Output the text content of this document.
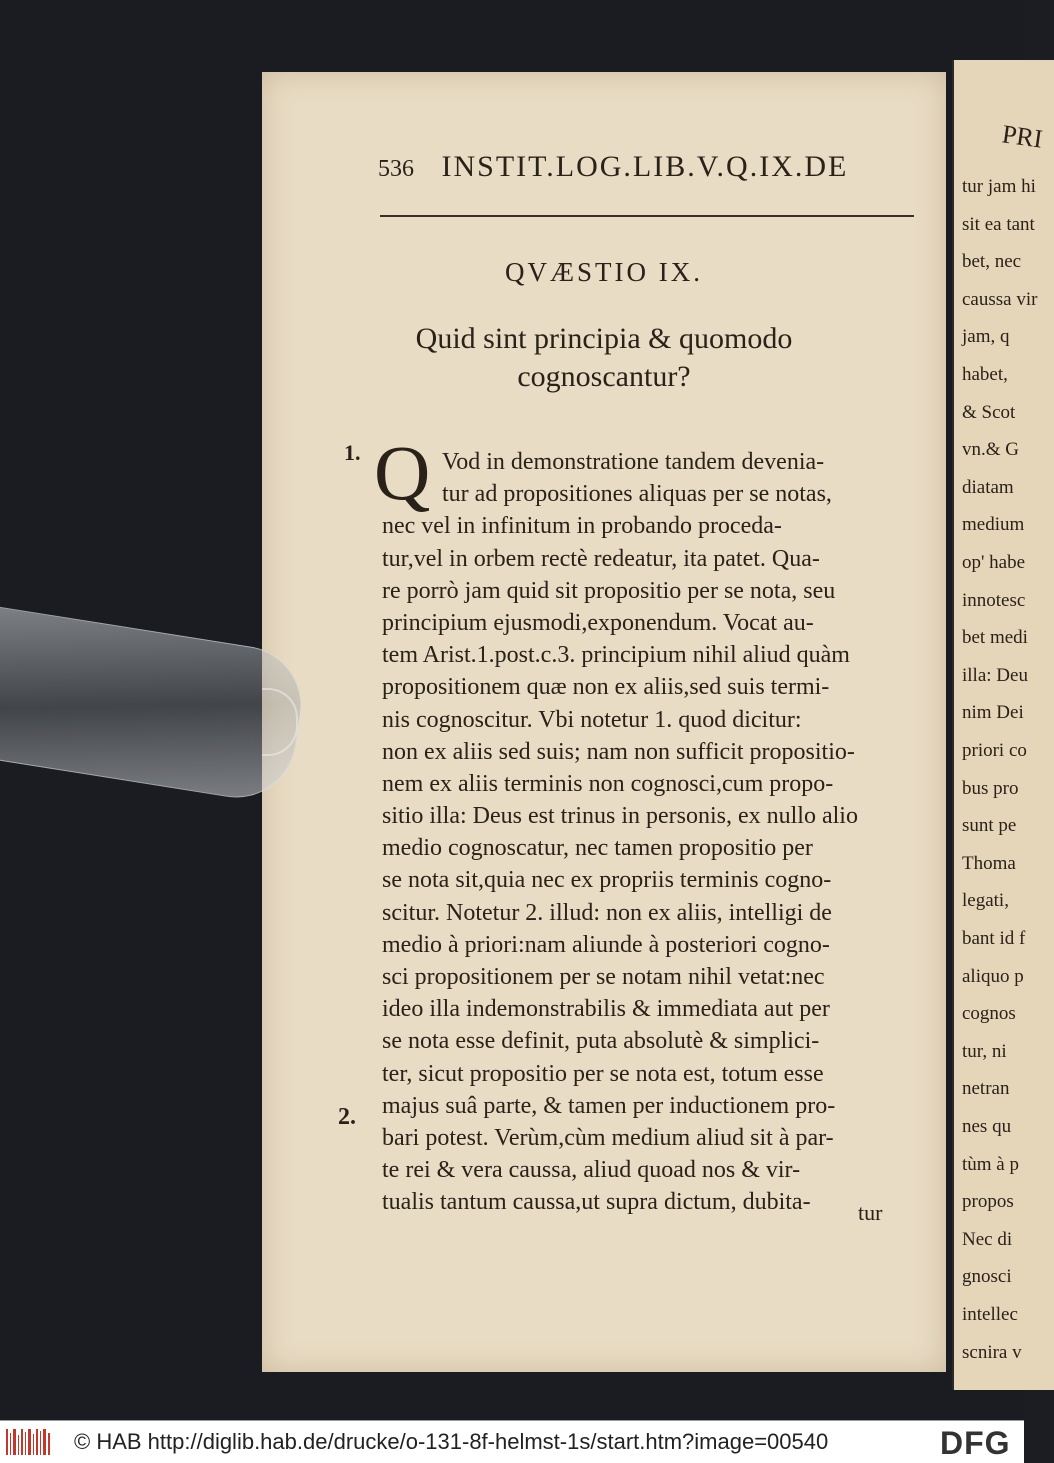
PRI
tur jam hi
sit ea tant
bet, nec
caussa vir
jam, q
habet,
& Scot
vn.& G
diatam
medium
op' habe
innotesc
bet medi
illa: Deu
nim Dei
priori co
bus pro
sunt pe
Thoma
legati,
bant id f
aliquo p
cognos
tur, ni
netran
nes qu
tùm à p
propos
Nec di
gnosci
intellec
scnira v
536 INSTIT.LOG.LIB.V.Q.IX.DE
QVÆSTIO IX.
Quid sint principia & quomodo
cognoscantur?
1.
2.
Q Vod in demonstratione tandem devenia-
tur ad propositiones aliquas per se notas,
nec vel in infinitum in probando proceda-
tur,vel in orbem rectè redeatur, ita patet. Qua-
re porrò jam quid sit propositio per se nota, seu
principium ejusmodi,exponendum. Vocat au-
tem Arist.1.post.c.3. principium nihil aliud quàm
propositionem quæ non ex aliis,sed suis termi-
nis cognoscitur. Vbi notetur 1. quod dicitur:
non ex aliis sed suis; nam non sufficit propositio-
nem ex aliis terminis non cognosci,cum propo-
sitio illa: Deus est trinus in personis, ex nullo alio
medio cognoscatur, nec tamen propositio per
se nota sit,quia nec ex propriis terminis cogno-
scitur. Notetur 2. illud: non ex aliis, intelligi de
medio à priori:nam aliunde à posteriori cogno-
sci propositionem per se notam nihil vetat:nec
ideo illa indemonstrabilis & immediata aut per
se nota esse definit, puta absolutè & simplici-
ter, sicut propositio per se nota est, totum esse
majus suâ parte, & tamen per inductionem pro-
bari potest. Verùm,cùm medium aliud sit à par-
te rei & vera caussa, aliud quoad nos & vir-
tualis tantum caussa,ut supra dictum, dubita-	tur
© HAB http://diglib.hab.de/drucke/o-131-8f-helmst-1s/start.htm?image=00540	DFG
